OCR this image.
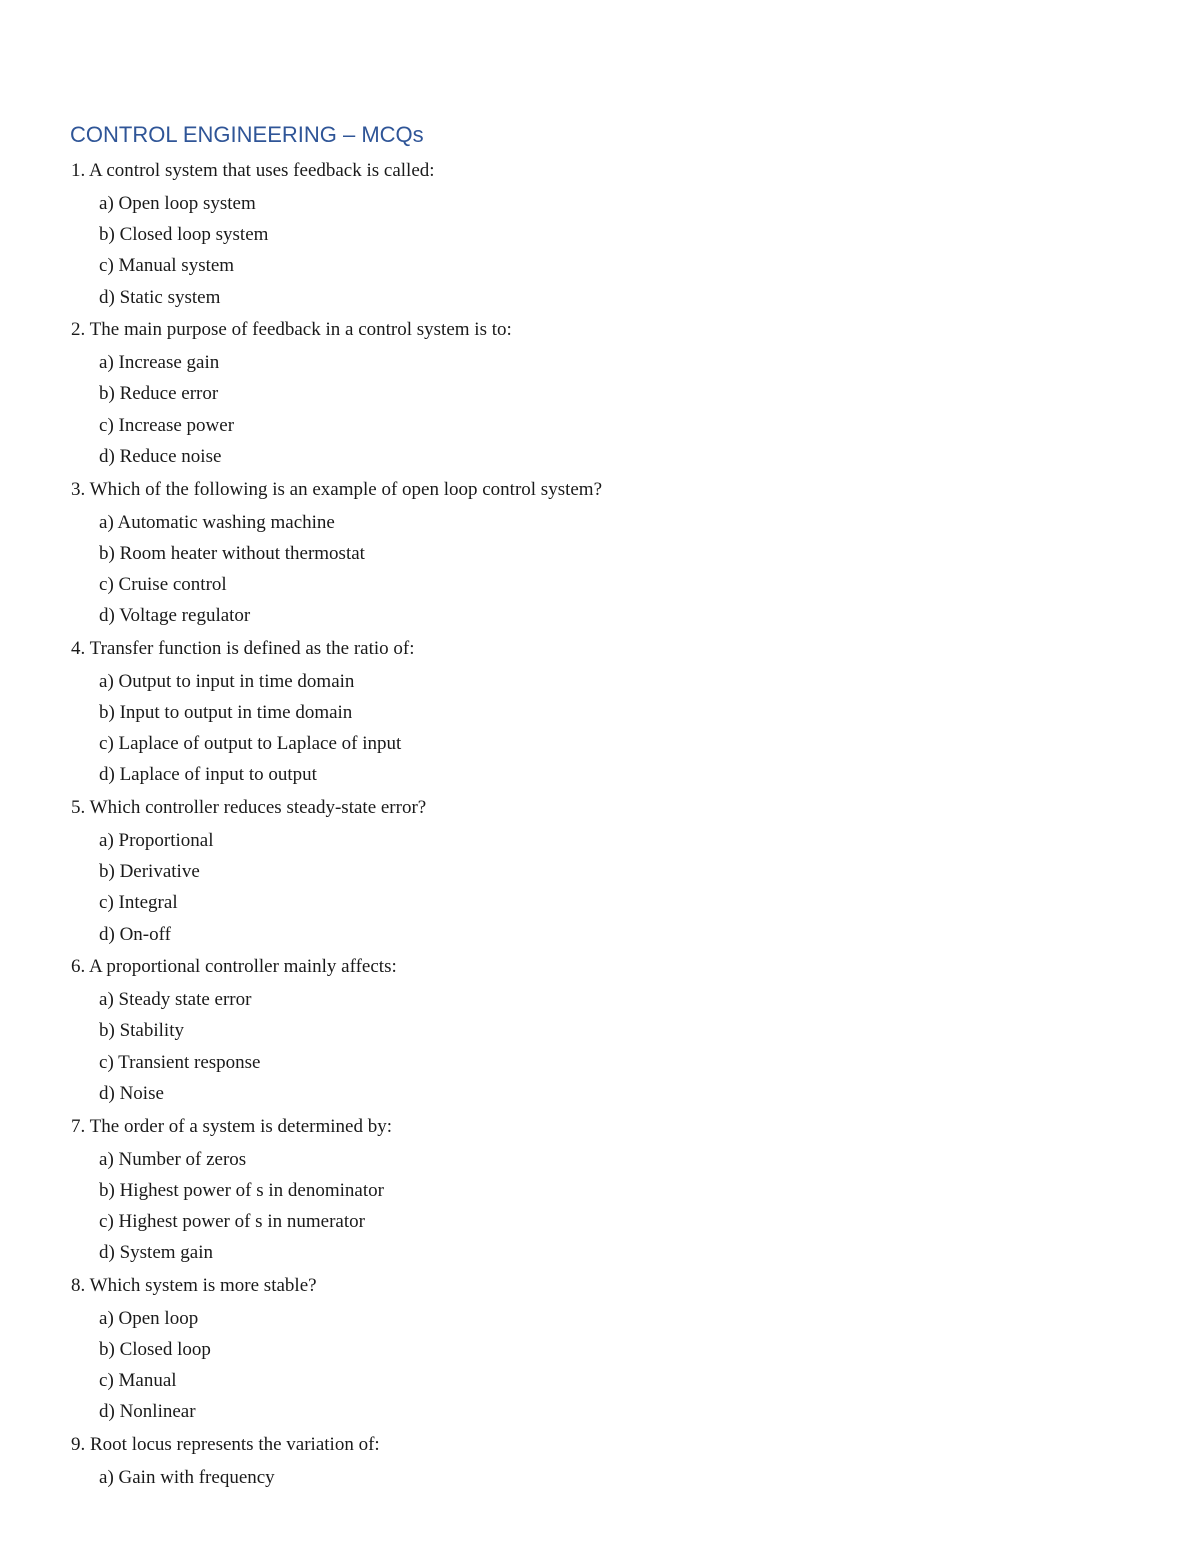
CONTROL ENGINEERING – MCQs
1 . A control system that uses feedback is called:
a ) Open loop system
b ) Closed loop system
c ) Manual system
d ) Static system
2 . The main purpose of feedback in a control system is to:
a ) Increase gain
b ) Reduce error
c ) Increase power
d ) Reduce noise
3 . Which of the following is an example of open loop control system?
a ) Automatic washing machine
b ) Room heater without thermostat
c ) Cruise control
d ) Voltage regulator
4 . Transfer function is defined as the ratio of:
a ) Output to input in time domain
b ) Input to output in time domain
c ) Laplace of output to Laplace of input
d ) Laplace of input to output
5 . Which controller reduces steady-state error?
a ) Proportional
b ) Derivative
c ) Integral
d ) On-off
6 . A proportional controller mainly affects:
a ) Steady state error
b ) Stability
c ) Transient response
d ) Noise
7 . The order of a system is determined by:
a ) Number of zeros
b ) Highest power of s in denominator
c ) Highest power of s in numerator
d ) System gain
8 . Which system is more stable?
a ) Open loop
b ) Closed loop
c ) Manual
d ) Nonlinear
9 . Root locus represents the variation of:
a ) Gain with frequency
